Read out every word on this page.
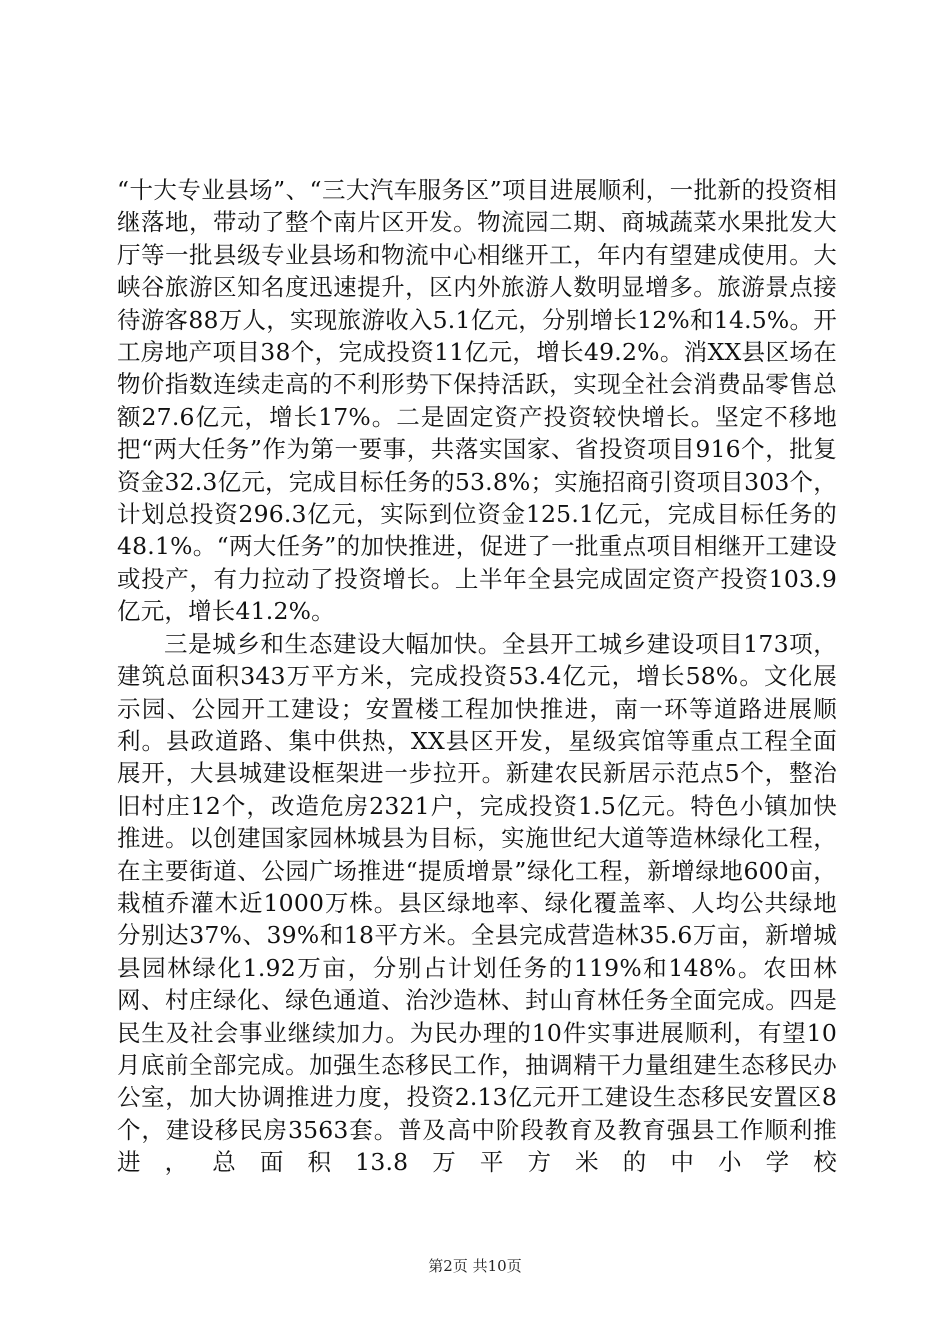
“十大专业县场”、“三大汽车服务区”项目进展顺利，一批新的投资相继落地，带动了整个南片区开发。物流园二期、商城蔬菜水果批发大厅等一批县级专业县场和物流中心相继开工，年内有望建成使用。大峡谷旅游区知名度迅速提升，区内外旅游人数明显增多。旅游景点接待游客88万人，实现旅游收入5.1亿元，分别增长12%和14.5%。开工房地产项目38个，完成投资11亿元，增长49.2%。消XX县区场在物价指数连续走高的不利形势下保持活跃，实现全社会消费品零售总额27.6亿元，增长17%。二是固定资产投资较快增长。坚定不移地把“两大任务”作为第一要事，共落实国家、省投资项目916个，批复资金32.3亿元，完成目标任务的53.8%；实施招商引资项目303个，计划总投资296.3亿元，实际到位资金125.1亿元，完成目标任务的48.1%。“两大任务”的加快推进，促进了一批重点项目相继开工建设或投产，有力拉动了投资增长。上半年全县完成固定资产投资103.9亿元，增长41.2%。

三是城乡和生态建设大幅加快。全县开工城乡建设项目173项，建筑总面积343万平方米，完成投资53.4亿元，增长58%。文化展示园、公园开工建设；安置楼工程加快推进，南一环等道路进展顺利。县政道路、集中供热，XX县区开发，星级宾馆等重点工程全面展开，大县城建设框架进一步拉开。新建农民新居示范点5个，整治旧村庄12个，改造危房2321户，完成投资1.5亿元。特色小镇加快推进。以创建国家园林城县为目标，实施世纪大道等造林绿化工程，在主要街道、公园广场推进“提质增景”绿化工程，新增绿地600亩，栽植乔灌木近1000万株。县区绿地率、绿化覆盖率、人均公共绿地分别达37%、39%和18平方米。全县完成营造林35.6万亩，新增城县园林绿化1.92万亩，分别占计划任务的119%和148%。农田林网、村庄绿化、绿色通道、治沙造林、封山育林任务全面完成。四是民生及社会事业继续加力。为民办理的10件实事进展顺利，有望10月底前全部完成。加强生态移民工作，抽调精干力量组建生态移民办公室，加大协调推进力度，投资2.13亿元开工建设生态移民安置区8个，建设移民房3563套。普及高中阶段教育及教育强县工作顺利推进，总面积13.8万平方米的中小学校

第2页 共10页
